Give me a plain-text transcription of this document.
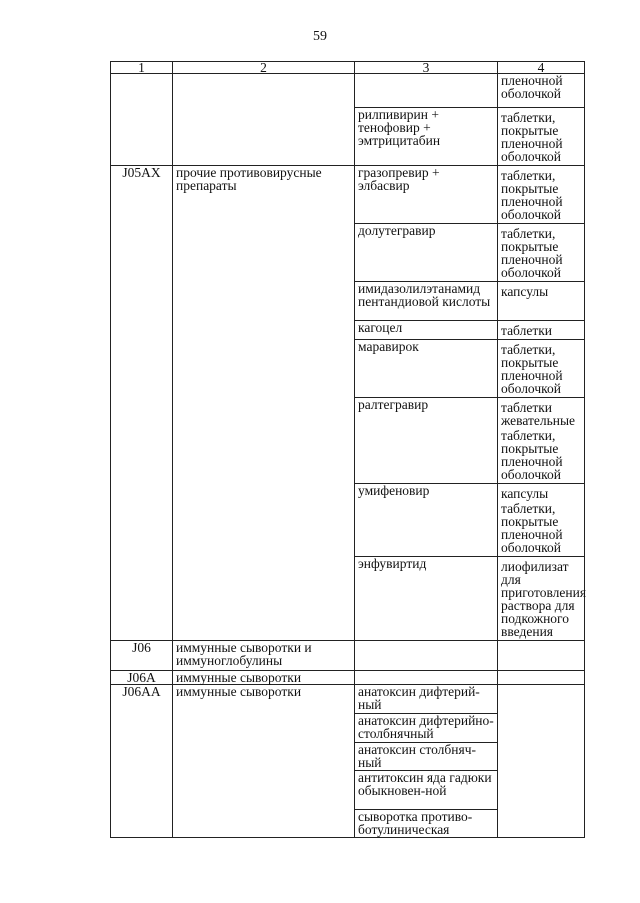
59
1	2	3	4

			пленочной оболочкой

		рилпивирин + тенофовир + эмтрицитабин	таблетки, покрытые пленочной оболочкой

J05AX	прочие противовирусные препараты	гразопревир + элбасвир	таблетки, покрытые пленочной оболочкой

		долутегравир	таблетки, покрытые пленочной оболочкой

		имидазолилэтанамид пентандиовой кислоты	капсулы

		кагоцел	таблетки

		маравирок	таблетки, покрытые пленочной оболочкой

		ралтегравир	таблетки жевательные
таблетки, покрытые пленочной оболочкой

		умифеновир	капсулы
таблетки, покрытые пленочной оболочкой

		энфувиртид	лиофилизат для приготовления раствора для подкожного введения

J06	иммунные сыворотки и иммуноглобулины		
J06A	иммунные сыворотки		
J06AA	иммунные сыворотки	анатоксин дифтерий-ный	
		анатоксин дифтерийно-столбнячный	
		анатоксин столбняч-ный	
		антитоксин яда гадюки обыкновен-ной	
		сыворотка противо-ботулиническая	
